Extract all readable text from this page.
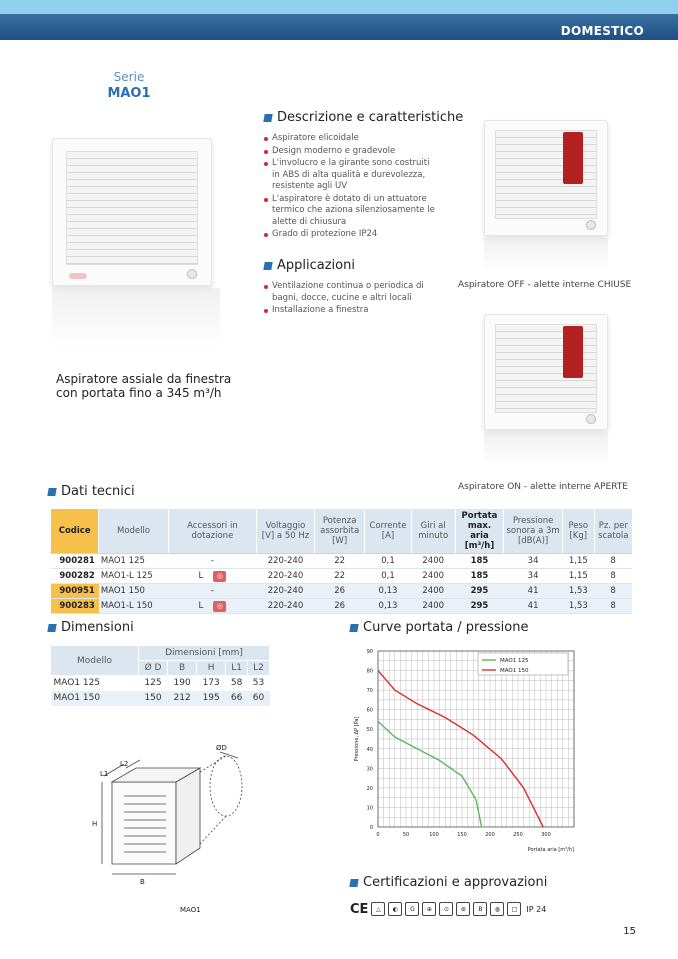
DOMESTICO
Serie
MAO1
Aspiratore assiale da finestra
con portata fino a 345 m³/h
Descrizione e caratteristiche
Aspiratore elicoidale
Design moderno e gradevole
L'involucro e la girante sono costruiti in ABS di alta qualità e durevolezza, resistente agli UV
L'aspiratore è dotato di un attuatore termico che aziona silenziosamente le alette di chiusura
Grado di protezione IP24
Applicazioni
Ventilazione continua o periodica di bagni, docce, cucine e altri locali
Installazione a finestra
Aspiratore OFF - alette interne CHIUSE
Aspiratore ON - alette interne APERTE
Dati tecnici
Codice	Modello	Accessori in dotazione	Voltaggio [V] a 50 Hz	Potenza assorbita [W]	Corrente [A]	Giri al minuto	Portata max. aria [m³/h]	Pressione sonora a 3m [dB(A)]	Peso [Kg]	Pz. per scatola
900281	MAO1 125	-	220-240	22	0,1	2400	185	34	1,15	8
900282	MAO1-L 125	L ◎	220-240	22	0,1	2400	185	34	1,15	8
900951	MAO1 150	-	220-240	26	0,13	2400	295	41	1,53	8
900283	MAO1-L 150	L ◎	220-240	26	0,13	2400	295	41	1,53	8
Dimensioni
Modello	Dimensioni [mm]				
	Ø D	B	H	L1	L2
MAO1 125	125	190	173	58	53
MAO1 150	150	212	195	66	60
ØD
L1
L2
H
B
MAO1
Curve portata / pressione
0
10
20
30
40
50
60
70
80
90
0	50	100	150	200	250	300
Portata aria [m³/h]
Pressione, ΔP [Pa]
MAO1 125
MAO1 150
Certificazioni e approvazioni
CE	△	◐	G	⊕	⊙	⊛	B	◍	□	IP 24
15
